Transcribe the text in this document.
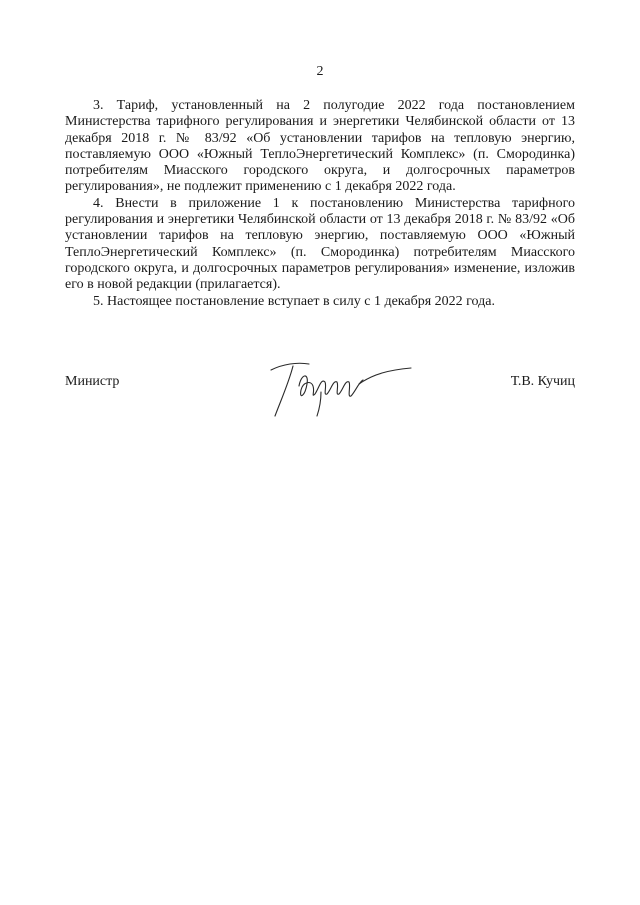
2

3. Тариф, установленный на 2 полугодие 2022 года постановлением Министерства тарифного регулирования и энергетики Челябинской области от 13 декабря 2018 г. № 83/92 «Об установлении тарифов на тепловую энергию, поставляемую ООО «Южный ТеплоЭнергетический Комплекс» (п. Смородинка) потребителям Миасского городского округа, и долгосрочных параметров регулирования», не подлежит применению с 1 декабря 2022 года.

4. Внести в приложение 1 к постановлению Министерства тарифного регулирования и энергетики Челябинской области от 13 декабря 2018 г. № 83/92 «Об установлении тарифов на тепловую энергию, поставляемую ООО «Южный ТеплоЭнергетический Комплекс» (п. Смородинка) потребителям Миасского городского округа, и долгосрочных параметров регулирования» изменение, изложив его в новой редакции (прилагается).

5. Настоящее постановление вступает в силу с 1 декабря 2022 года.

Министр	Т.В. Кучиц
